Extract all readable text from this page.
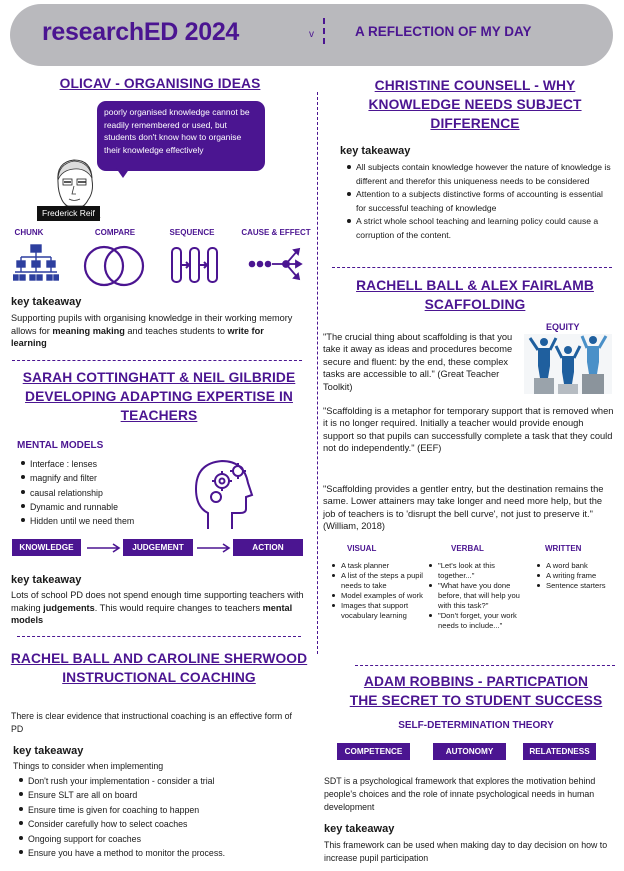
researchED 2024	v	A REFLECTION OF MY DAY
OLICAV - ORGANISING IDEAS
poorly organised knowledge cannot be readily remembered or used, but students don't know how to organise their knowledge effectively
Frederick Reif
CHUNK	COMPARE	SEQUENCE	CAUSE & EFFECT
key takeaway
Supporting pupils with organising knowledge in their working memory allows for meaning making and teaches students to write for learning
SARAH COTTINGHATT & NEIL GILBRIDE
DEVELOPING ADAPTING EXPERTISE IN
TEACHERS
MENTAL MODELS
Interface : lenses
magnify and filter
causal relationship
Dynamic and runnable
Hidden until we need them
KNOWLEDGE	JUDGEMENT	ACTION
key takeaway
Lots of school PD does not spend enough time supporting teachers with making judgements. This would require changes to teachers mental models
RACHEL BALL AND CAROLINE SHERWOOD
INSTRUCTIONAL COACHING
There is clear evidence that instructional coaching is an effective form of PD
key takeaway
Things to consider when implementing
Don't rush your implementation - consider a trial
Ensure SLT are all on board
Ensure time is given for coaching to happen
Consider carefully how to select coaches
Ongoing support for coaches
Ensure you have a method to monitor the process.
CHRISTINE COUNSELL - WHY
KNOWLEDGE NEEDS SUBJECT
DIFFERENCE
key takeaway
All subjects contain knowledge however the nature of knowledge is different and therefor this uniqueness needs to be considered
Attention to a subjects distinctive forms of accounting is essential for successful teaching of knowledge
A strict whole school teaching and learning policy could cause a corruption of the content.
RACHELL BALL & ALEX FAIRLAMB
SCAFFOLDING
"The crucial thing about scaffolding is that you take it away as ideas and procedures become secure and fluent: by the end, these complex tasks are accessible to all." (Great Teacher Toolkit)
EQUITY
"Scaffolding is a metaphor for temporary support that is removed when it is no longer required. Initially a teacher would provide enough support so that pupils can successfully complete a task that they could not do independently." (EEF)
"Scaffolding provides a gentler entry, but the destination remains the same. Lower attainers may take longer and need more help, but the job of teachers is to 'disrupt the bell curve', not just to preserve it." (William, 2018)
VISUAL	VERBAL	WRITTEN
A task planner
A list of the steps a pupil needs to take
Model examples of work
Images that support vocabulary learning
"Let's look at this together..."
"What have you done before, that will help you with this task?"
"Don't forget, your work needs to include..."
A word bank
A writing frame
Sentence starters
ADAM ROBBINS - PARTICPATION
THE SECRET TO STUDENT SUCCESS
SELF-DETERMINATION THEORY
COMPETENCE	AUTONOMY	RELATEDNESS
SDT is a psychological framework that explores the motivation behind people's choices and the role of innate psychological needs in human development
key takeaway
This framework can be used when making day to day decision on how to increase pupil participation
